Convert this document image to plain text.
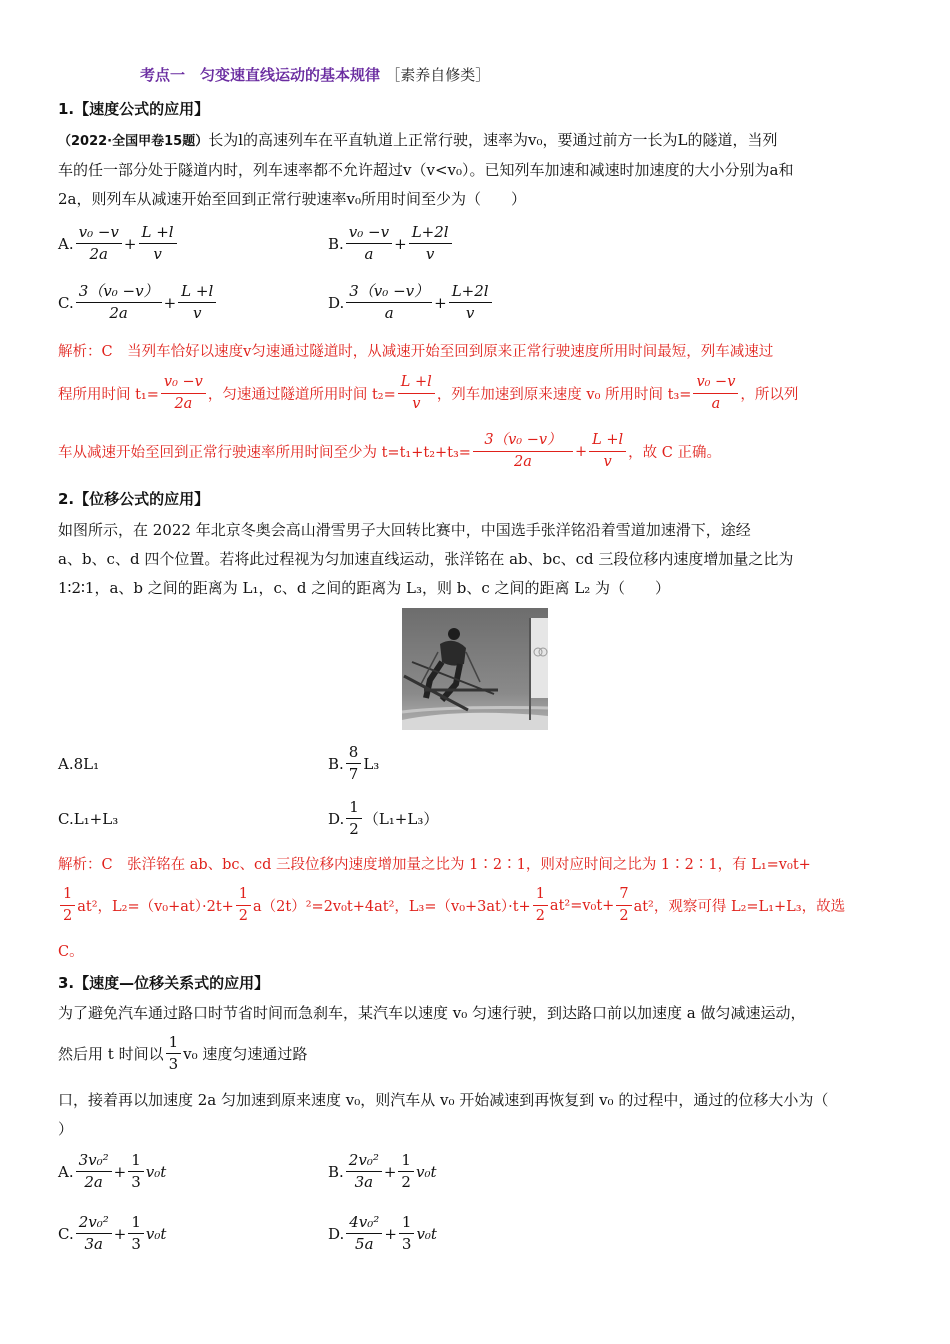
考点一　匀变速直线运动的基本规律 ［素养自修类］
1.【速度公式的应用】
（2022·全国甲卷15题）长为l的高速列车在平直轨道上正常行驶，速率为v₀，要通过前方一长为L的隧道，当列
车的任一部分处于隧道内时，列车速率都不允许超过v（v<v₀）。已知列车加速和减速时加速度的大小分别为a和
2a，则列车从减速开始至回到正常行驶速率v₀所用时间至少为（　　）
A. $\frac{\text{v₀ −v}}{2a} + \frac{L +l}{v}$	B. $\frac{\text{v₀ −v}}{a} + \frac{L+2l}{v}$
C. $\frac{\text{3（v₀ −v）}}{2a} + \frac{L +l}{v}$	D. $\frac{\text{3（v₀ −v）}}{a} + \frac{L+2l}{v}$
解析：C　当列车恰好以速度v匀速通过隧道时，从减速开始至回到原来正常行驶速度所用时间最短，列车减速过
程所用时间 $t_1= \frac{\text{v₀ −v}}{2a}$ ，匀速通过隧道所用时间 $t_2= \frac{L +l}{v}$ ，列车加速到原来速度 v₀ 所用时间 $t_3= \frac{\text{v₀ −v}}{a}$ ，所以列
车从减速开始至回到正常行驶速率所用时间至少为 $t=t_1+t_2+t_3= \frac{\text{3（v₀ −v）}}{2a} + \frac{L +l}{v}$ ，故 C 正确。
2.【位移公式的应用】
如图所示，在 2022 年北京冬奥会高山滑雪男子大回转比赛中，中国选手张洋铭沿着雪道加速滑下，途经
a、b、c、d 四个位置。若将此过程视为匀加速直线运动，张洋铭在 ab、bc、cd 三段位移内速度增加量之比为
1∶2∶1，a、b 之间的距离为 L₁，c、d 之间的距离为 L₃，则 b、c 之间的距离 L₂ 为（　　）
A.8L₁	B. $\frac{8}{7} L_3$
C.L₁+L₃	D. $\frac{1}{2} (L_1+L_3)$
解析：C　张洋铭在 ab、bc、cd 三段位移内速度增加量之比为 1∶2∶1，则对应时间之比为 1∶2∶1，有 L₁=v₀t+
$\frac{1}{2} at^2$，$L_2=(v_0+at)\cdot 2t+ \frac{1}{2} a(2t)^2=2v_0t+4at^2$，$L_3=(v_0+3at)\cdot t+ \frac{1}{2} at^2=v_0t+ \frac{7}{2} at^2$，观察可得 L₂=L₁+L₃，故选
C。
3.【速度—位移关系式的应用】
为了避免汽车通过路口时节省时间而急刹车，某汽车以速度 v₀ 匀速行驶，到达路口前以加速度 a 做匀减速运动，
然后用 t 时间以 $\frac{1}{3} v_0$ 速度匀速通过路
口，接着再以加速度 2a 匀加速到原来速度 v₀，则汽车从 v₀ 开始减速到再恢复到 v₀ 的过程中，通过的位移大小为（
）
A. $\frac{\text{3v₀²}}{2a} + \frac{1}{3} v_0t$	B. $\frac{\text{2v₀²}}{3a} + \frac{1}{2} v_0t$
C. $\frac{\text{2v₀²}}{3a} + \frac{1}{3} v_0t$	D. $\frac{\text{4v₀²}}{5a} + \frac{1}{3} v_0t$
